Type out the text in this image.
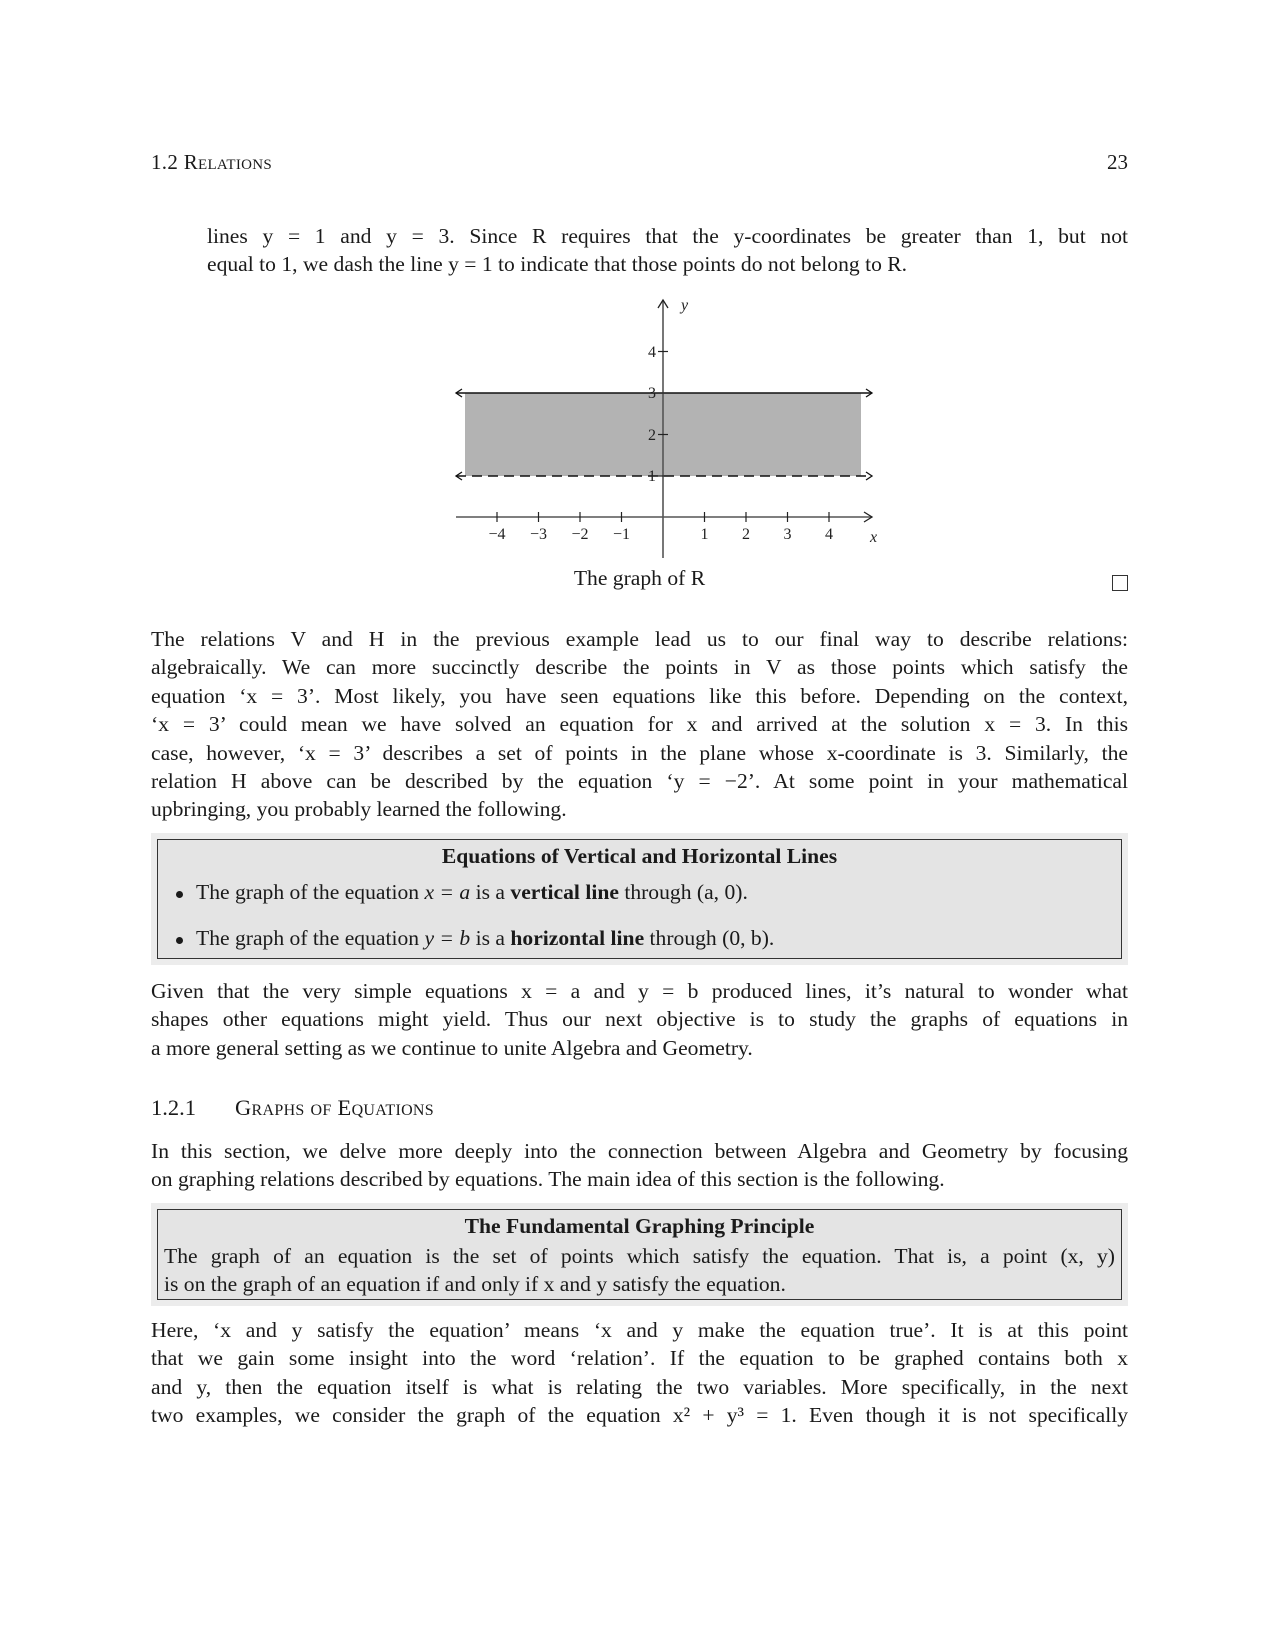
1.2 Relations	23
lines y = 1 and y = 3. Since R requires that the y-coordinates be greater than 1, but not
equal to 1, we dash the line y = 1 to indicate that those points do not belong to R.
−4 −3 −2 −1	1 2 3 4
1
2
3
4
x
y
The graph of R
The relations V and H in the previous example lead us to our final way to describe relations:
algebraically. We can more succinctly describe the points in V as those points which satisfy the
equation ‘x = 3’. Most likely, you have seen equations like this before. Depending on the context,
‘x = 3’ could mean we have solved an equation for x and arrived at the solution x = 3. In this
case, however, ‘x = 3’ describes a set of points in the plane whose x-coordinate is 3. Similarly, the
relation H above can be described by the equation ‘y = −2’. At some point in your mathematical
upbringing, you probably learned the following.
Equations of Vertical and Horizontal Lines
The graph of the equation x = a is a vertical line through (a, 0).
The graph of the equation y = b is a horizontal line through (0, b).
Given that the very simple equations x = a and y = b produced lines, it’s natural to wonder what
shapes other equations might yield. Thus our next objective is to study the graphs of equations in
a more general setting as we continue to unite Algebra and Geometry.
1.2.1 Graphs of Equations
In this section, we delve more deeply into the connection between Algebra and Geometry by focusing
on graphing relations described by equations. The main idea of this section is the following.
The Fundamental Graphing Principle
The graph of an equation is the set of points which satisfy the equation. That is, a point (x, y)
is on the graph of an equation if and only if x and y satisfy the equation.
Here, ‘x and y satisfy the equation’ means ‘x and y make the equation true’. It is at this point
that we gain some insight into the word ‘relation’. If the equation to be graphed contains both x
and y, then the equation itself is what is relating the two variables. More specifically, in the next
two examples, we consider the graph of the equation x² + y³ = 1. Even though it is not specifically
